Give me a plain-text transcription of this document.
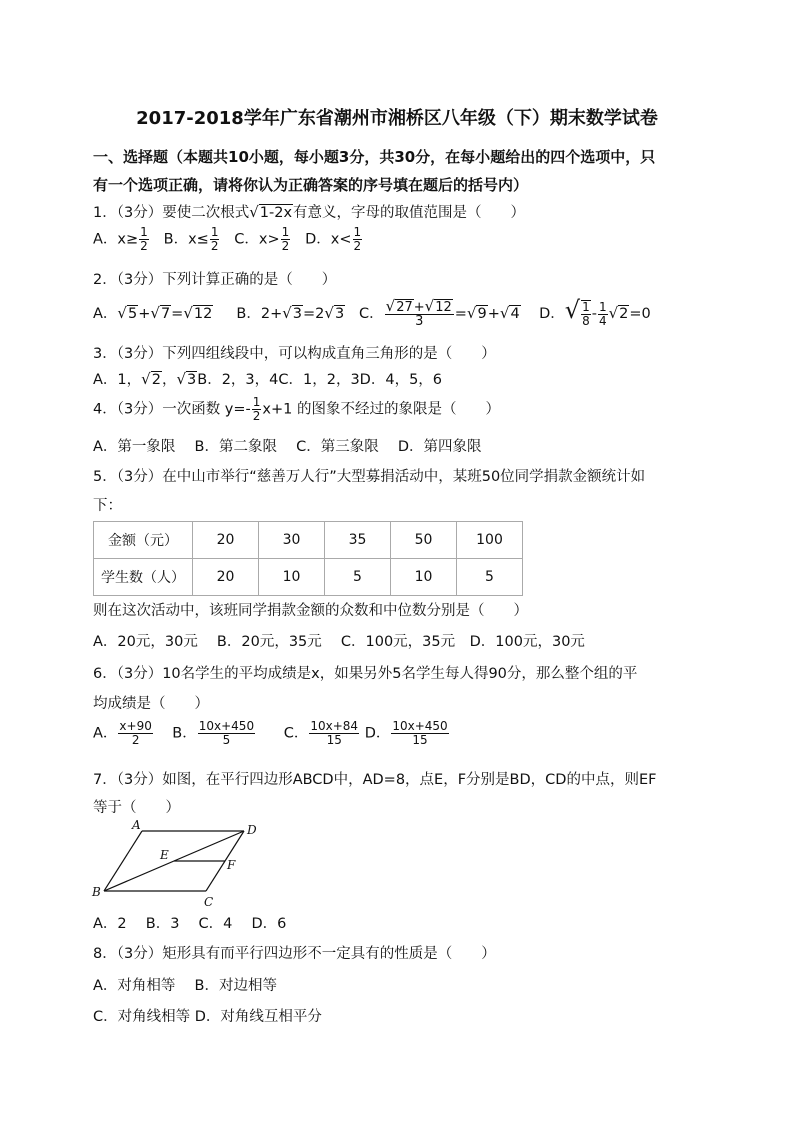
2017-2018学年广东省潮州市湘桥区八年级（下）期末数学试卷
一、选择题（本题共10小题，每小题3分，共30分，在每小题给出的四个选项中，只
有一个选项正确，请将你认为正确答案的序号填在题后的括号内）
1．（3分）要使二次根式√1-2x有意义，字母的取值范围是（　　）
A．$x\ge \frac{1}{2}$ B．$x\le \frac{1}{2}$ C．$x> \frac{1}{2}$ D．$x< \frac{1}{2}$
2．（3分）下列计算正确的是（　　）
A．√5+√7=√12 B．2+√3=2√3 C． $\frac{√27+√12}{3} =√9+√4$ D．√ $\frac{1}{8} - \frac{1}{4} √2=0$
3．（3分）下列四组线段中，可以构成直角三角形的是（　　）
A．1，√2，√3B．2，3，4C．1，2，3D．4，5，6
4．（3分）一次函数 $y=- \frac{1}{2} x+1$ 的图象不经过的象限是（　　）
A．第一象限　 B．第二象限　 C．第三象限　 D．第四象限
5．（3分）在中山市举行“慈善万人行”大型募捐活动中，某班50位同学捐款金额统计如
下：
金额（元）	20	30	35	50	100
学生数（人）	20	10	5	10	5
则在这次活动中，该班同学捐款金额的众数和中位数分别是（　　）
A．20元，30元　 B．20元，35元　 C．100元，35元　D．100元，30元
6．（3分）10名学生的平均成绩是x，如果另外5名学生每人得90分，那么整个组的平
均成绩是（　　）
A． $\frac{x+90}{2}$ B． $\frac{10x+450}{5}$ C． $\frac{10x+84}{15}$ D． $\frac{10x+450}{15}$
7．（3分）如图，在平行四边形ABCD中，AD=8，点E，F分别是BD，CD的中点，则EF
等于（　　）
A	D
B
C
E
F
A．2　 B．3　 C．4　 D．6
8．（3分）矩形具有而平行四边形不一定具有的性质是（　　）
A．对角相等　 B．对边相等
C．对角线相等 D．对角线互相平分
